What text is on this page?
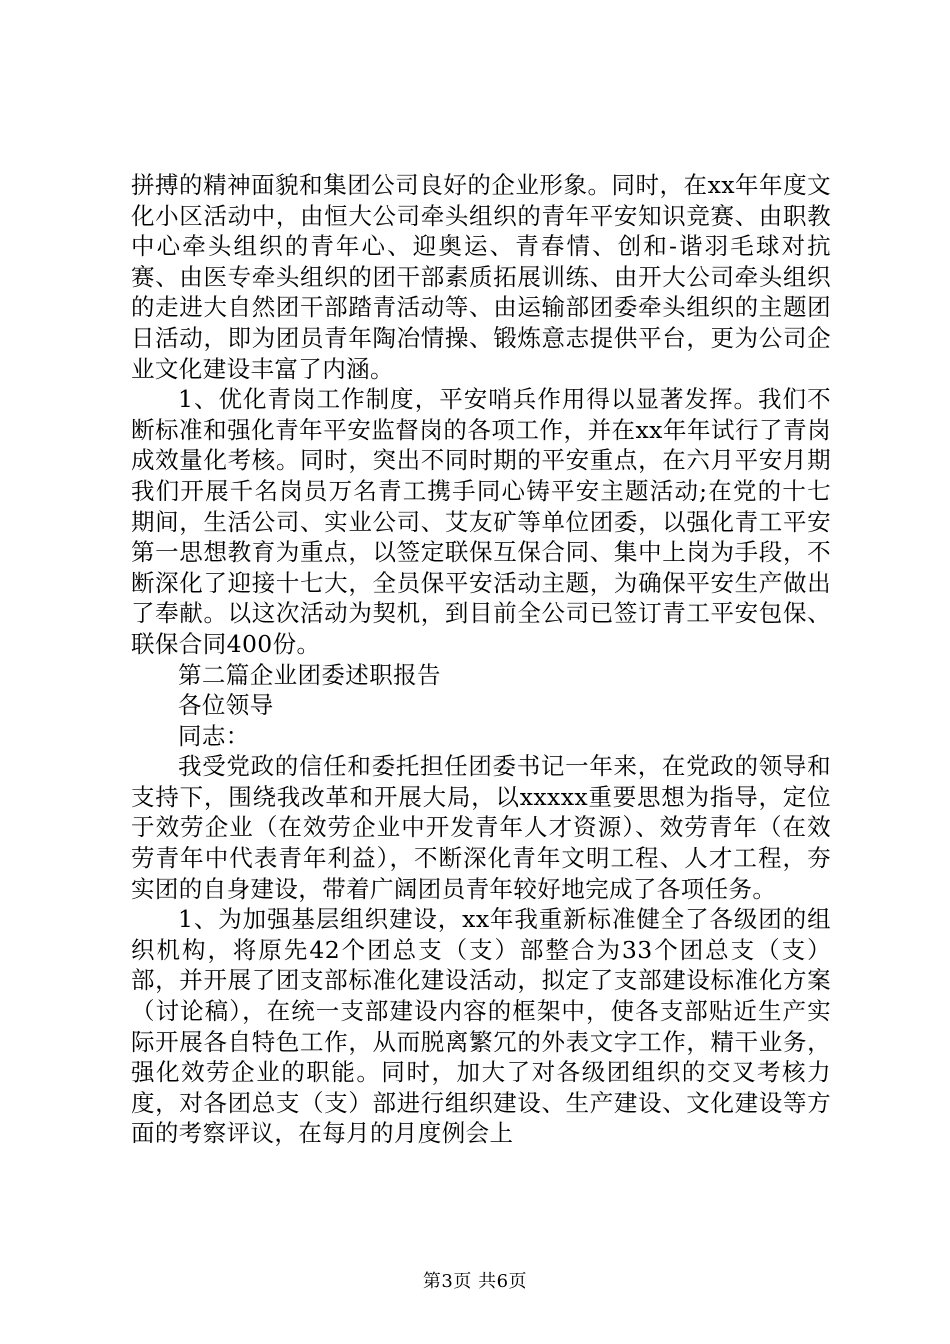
拼搏的精神面貌和集团公司良好的企业形象。同时，在xx年年度文化小区活动中，由恒大公司牵头组织的青年平安知识竞赛、由职教中心牵头组织的青年心、迎奥运、青春情、创和-谐羽毛球对抗赛、由医专牵头组织的团干部素质拓展训练、由开大公司牵头组织的走进大自然团干部踏青活动等、由运输部团委牵头组织的主题团日活动，即为团员青年陶冶情操、锻炼意志提供平台，更为公司企业文化建设丰富了内涵。

1、优化青岗工作制度，平安哨兵作用得以显著发挥。我们不断标准和强化青年平安监督岗的各项工作，并在xx年年试行了青岗成效量化考核。同时，突出不同时期的平安重点，在六月平安月期我们开展千名岗员万名青工携手同心铸平安主题活动;在党的十七期间，生活公司、实业公司、艾友矿等单位团委，以强化青工平安第一思想教育为重点，以签定联保互保合同、集中上岗为手段，不断深化了迎接十七大，全员保平安活动主题，为确保平安生产做出了奉献。以这次活动为契机，到目前全公司已签订青工平安包保、联保合同400份。

第二篇企业团委述职报告

各位领导

同志：

我受党政的信任和委托担任团委书记一年来，在党政的领导和支持下，围绕我改革和开展大局，以xxxxx重要思想为指导，定位于效劳企业（在效劳企业中开发青年人才资源）、效劳青年（在效劳青年中代表青年利益），不断深化青年文明工程、人才工程，夯实团的自身建设，带着广阔团员青年较好地完成了各项任务。

1、为加强基层组织建设，xx年我重新标准健全了各级团的组织机构，将原先42个团总支（支）部整合为33个团总支（支）部，并开展了团支部标准化建设活动，拟定了支部建设标准化方案（讨论稿），在统一支部建设内容的框架中，使各支部贴近生产实际开展各自特色工作，从而脱离繁冗的外表文字工作，精干业务，强化效劳企业的职能。同时，加大了对各级团组织的交叉考核力度，对各团总支（支）部进行组织建设、生产建设、文化建设等方面的考察评议，在每月的月度例会上

第3页 共6页
